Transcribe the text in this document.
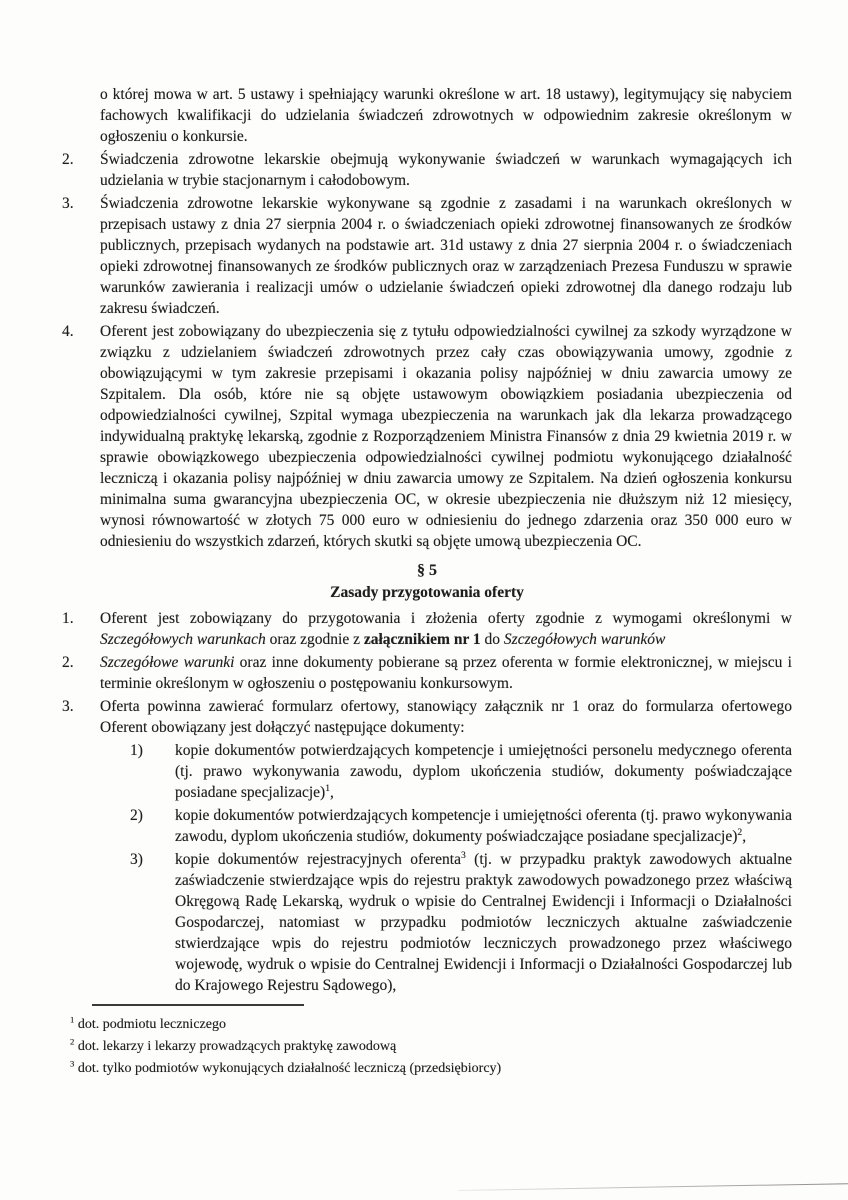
o której mowa w art. 5 ustawy i spełniający warunki określone w art. 18 ustawy), legitymujący się nabyciem fachowych kwalifikacji do udzielania świadczeń zdrowotnych w odpowiednim zakresie określonym w ogłoszeniu o konkursie.
2.	Świadczenia zdrowotne lekarskie obejmują wykonywanie świadczeń w warunkach wymagających ich udzielania w trybie stacjonarnym i całodobowym.
3.	Świadczenia zdrowotne lekarskie wykonywane są zgodnie z zasadami i na warunkach określonych w przepisach ustawy z dnia 27 sierpnia 2004 r. o świadczeniach opieki zdrowotnej finansowanych ze środków publicznych, przepisach wydanych na podstawie art. 31d ustawy z dnia 27 sierpnia 2004 r. o świadczeniach opieki zdrowotnej finansowanych ze środków publicznych oraz w zarządzeniach Prezesa Funduszu w sprawie warunków zawierania i realizacji umów o udzielanie świadczeń opieki zdrowotnej dla danego rodzaju lub zakresu świadczeń.
4.	Oferent jest zobowiązany do ubezpieczenia się z tytułu odpowiedzialności cywilnej za szkody wyrządzone w związku z udzielaniem świadczeń zdrowotnych przez cały czas obowiązywania umowy, zgodnie z obowiązującymi w tym zakresie przepisami i okazania polisy najpóźniej w dniu zawarcia umowy ze Szpitalem. Dla osób, które nie są objęte ustawowym obowiązkiem posiadania ubezpieczenia od odpowiedzialności cywilnej, Szpital wymaga ubezpieczenia na warunkach jak dla lekarza prowadzącego indywidualną praktykę lekarską, zgodnie z Rozporządzeniem Ministra Finansów z dnia 29 kwietnia 2019 r. w sprawie obowiązkowego ubezpieczenia odpowiedzialności cywilnej podmiotu wykonującego działalność leczniczą i okazania polisy najpóźniej w dniu zawarcia umowy ze Szpitalem. Na dzień ogłoszenia konkursu minimalna suma gwarancyjna ubezpieczenia OC, w okresie ubezpieczenia nie dłuższym niż 12 miesięcy, wynosi równowartość w złotych 75 000 euro w odniesieniu do jednego zdarzenia oraz 350 000 euro w odniesieniu do wszystkich zdarzeń, których skutki są objęte umową ubezpieczenia OC.
§ 5
Zasady przygotowania oferty
1.	Oferent jest zobowiązany do przygotowania i złożenia oferty zgodnie z wymogami określonymi w Szczegółowych warunkach oraz zgodnie z załącznikiem nr 1 do Szczegółowych warunków
2.	Szczegółowe warunki oraz inne dokumenty pobierane są przez oferenta w formie elektronicznej, w miejscu i terminie określonym w ogłoszeniu o postępowaniu konkursowym.
3.	Oferta powinna zawierać formularz ofertowy, stanowiący załącznik nr 1 oraz do formularza ofertowego Oferent obowiązany jest dołączyć następujące dokumenty:
1)	kopie dokumentów potwierdzających kompetencje i umiejętności personelu medycznego oferenta (tj. prawo wykonywania zawodu, dyplom ukończenia studiów, dokumenty poświadczające posiadane specjalizacje)$^1$,
2)	kopie dokumentów potwierdzających kompetencje i umiejętności oferenta (tj. prawo wykonywania zawodu, dyplom ukończenia studiów, dokumenty poświadczające posiadane specjalizacje)$^2$,
3)	kopie dokumentów rejestracyjnych oferenta$^3$ (tj. w przypadku praktyk zawodowych aktualne zaświadczenie stwierdzające wpis do rejestru praktyk zawodowych powadzonego przez właściwą Okręgową Radę Lekarską, wydruk o wpisie do Centralnej Ewidencji i Informacji o Działalności Gospodarczej, natomiast w przypadku podmiotów leczniczych aktualne zaświadczenie stwierdzające wpis do rejestru podmiotów leczniczych prowadzonego przez właściwego wojewodę, wydruk o wpisie do Centralnej Ewidencji i Informacji o Działalności Gospodarczej lub do Krajowego Rejestru Sądowego),
$^1$ dot. podmiotu leczniczego
$^2$ dot. lekarzy i lekarzy prowadzących praktykę zawodową
$^3$ dot. tylko podmiotów wykonujących działalność leczniczą (przedsiębiorcy)
